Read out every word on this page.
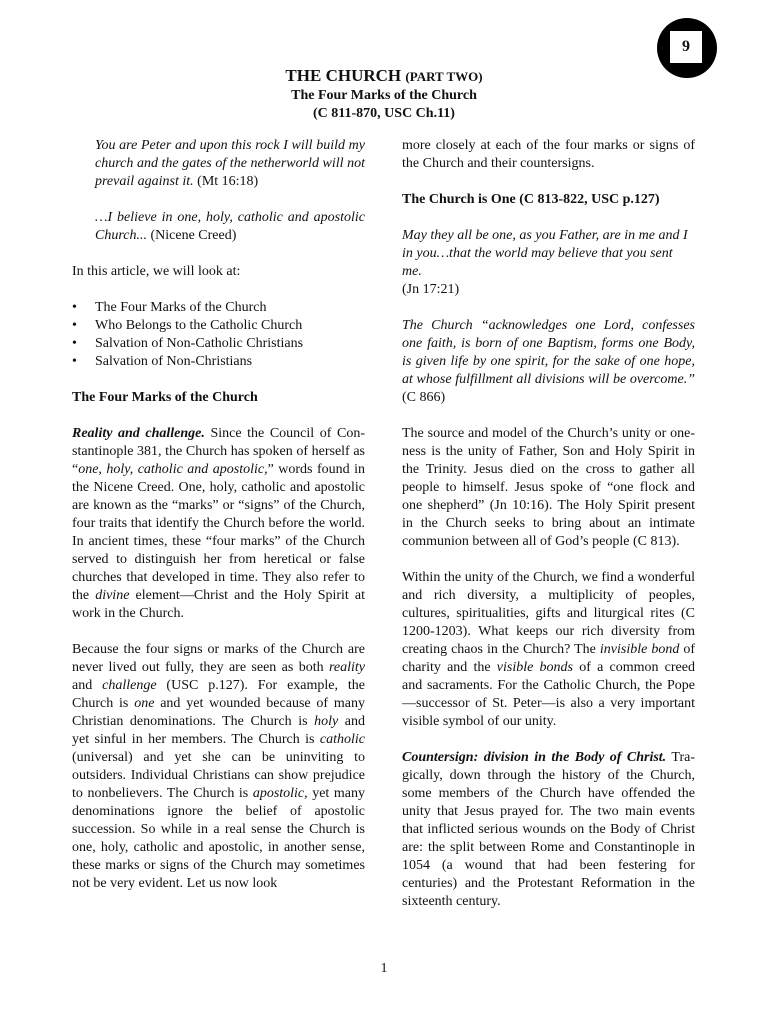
9
THE CHURCH (PART TWO)
The Four Marks of the Church
(C 811-870, USC Ch.11)

You are Peter and upon this rock I will build my church and the gates of the netherworld will not prevail against it. (Mt 16:18)

…I believe in one, holy, catholic and apostolic Church... (Nicene Creed)

In this article, we will look at:

• The Four Marks of the Church
• Who Belongs to the Catholic Church
• Salvation of Non-Catholic Christians
• Salvation of Non-Christians
The Four Marks of the Church

Reality and challenge. Since the Council of Con-stantinople 381, the Church has spoken of herself as “one, holy, catholic and apostolic,” words found in the Nicene Creed. One, holy, catholic and apostolic are known as the “marks” or “signs” of the Church, four traits that identify the Church before the world. In ancient times, these “four marks” of the Church served to distinguish her from heretical or false churches that developed in time. They also refer to the divine element—Christ and the Holy Spirit at work in the Church.

Because the four signs or marks of the Church are never lived out fully, they are seen as both reality and challenge (USC p.127). For example, the Church is one and yet wounded because of many Christian denominations. The Church is holy and yet sinful in her members. The Church is catholic (universal) and yet she can be uninviting to outsiders. Individual Christians can show prejudice to nonbelievers. The Church is apostolic, yet many denominations ignore the belief of apostolic succession. So while in a real sense the Church is one, holy, catholic and apostolic, in another sense, these marks or signs of the Church may sometimes not be very evident. Let us now look

more closely at each of the four marks or signs of the Church and their countersigns.

The Church is One (C 813-822, USC p.127)

May they all be one, as you Father, are in me and I in you…that the world may believe that you sent me.
(Jn 17:21)

The Church “acknowledges one Lord, confesses one faith, is born of one Baptism, forms one Body, is given life by one spirit, for the sake of one hope, at whose fulfillment all divisions will be overcome.” (C 866)

The source and model of the Church’s unity or one-ness is the unity of Father, Son and Holy Spirit in the Trinity. Jesus died on the cross to gather all people to himself. Jesus spoke of “one flock and one shepherd” (Jn 10:16). The Holy Spirit present in the Church seeks to bring about an intimate communion between all of God’s people (C 813).

Within the unity of the Church, we find a wonderful and rich diversity, a multiplicity of peoples, cultures, spiritualities, gifts and liturgical rites (C 1200-1203). What keeps our rich diversity from creating chaos in the Church? The invisible bond of charity and the visible bonds of a common creed and sacraments. For the Catholic Church, the Pope—successor of St. Peter—is also a very important visible symbol of our unity.

Countersign: division in the Body of Christ. Tra-gically, down through the history of the Church, some members of the Church have offended the unity that Jesus prayed for. The two main events that inflicted serious wounds on the Body of Christ are: the split between Rome and Constantinople in 1054 (a wound that had been festering for centuries) and the Protestant Reformation in the sixteenth century.

1
